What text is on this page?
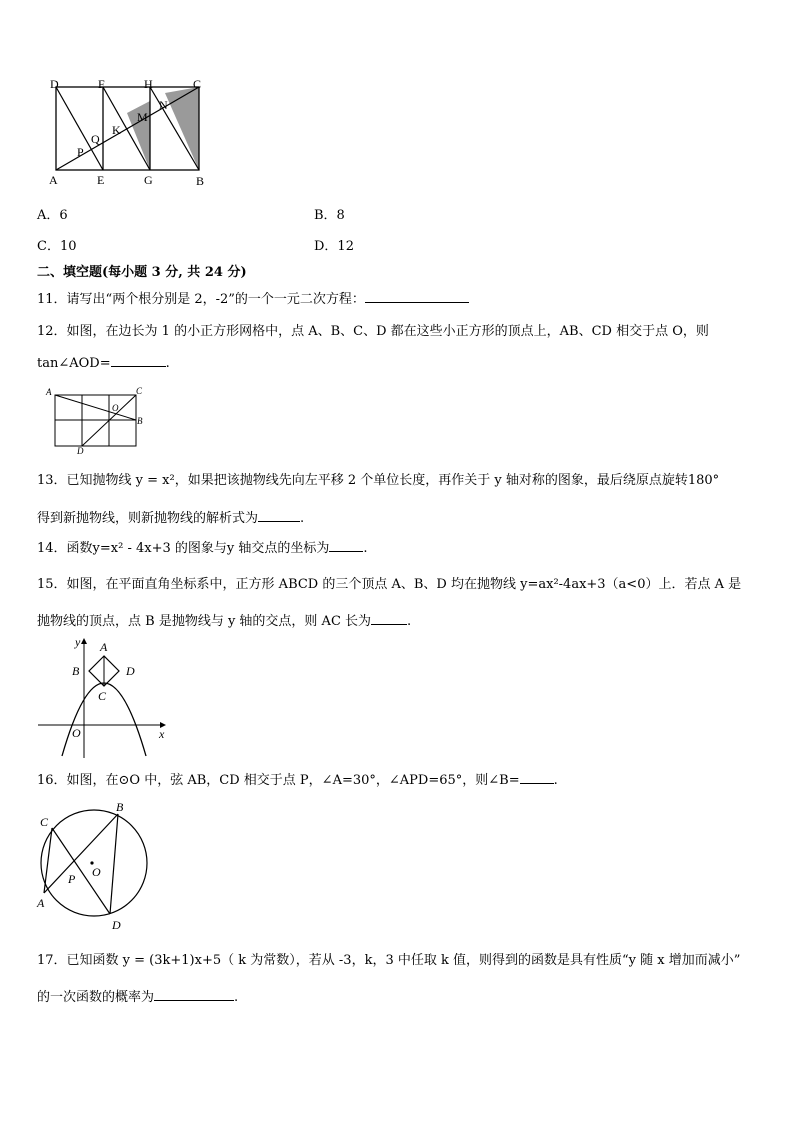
D	F	H	C
N
M
K
Q
P
A	E	G	B
A．6	B．8
C．10	D．12
二、填空题(每小题 3 分, 共 24 分)
11．请写出“两个根分别是 2，-2”的一个一元二次方程：
12．如图，在边长为 1 的小正方形网格中，点 A、B、C、D 都在这些小正方形的顶点上，AB、CD 相交于点 O，则
tan∠AOD=	.
A	C
O
B
D
13．已知抛物线 y = x²，如果把该抛物线先向左平移 2 个单位长度，再作关于 y 轴对称的图象，最后绕原点旋转180°
得到新抛物线，则新抛物线的解析式为	.
14．函数y=x² - 4x+3 的图象与y 轴交点的坐标为	.
15．如图，在平面直角坐标系中，正方形 ABCD 的三个顶点 A、B、D 均在抛物线 y=ax²-4ax+3（a<0）上．若点 A 是
抛物线的顶点，点 B 是抛物线与 y 轴的交点，则 AC 长为	.
y A
B	D
C
O	x
16．如图，在⊙O 中，弦 AB，CD 相交于点 P，∠A=30°，∠APD=65°，则∠B=	.
B
C
O
P
A
D
17．已知函数 y = (3k+1)x+5（ k 为常数），若从 -3，k，3 中任取 k 值，则得到的函数是具有性质“y 随 x 增加而减小”
的一次函数的概率为	.
